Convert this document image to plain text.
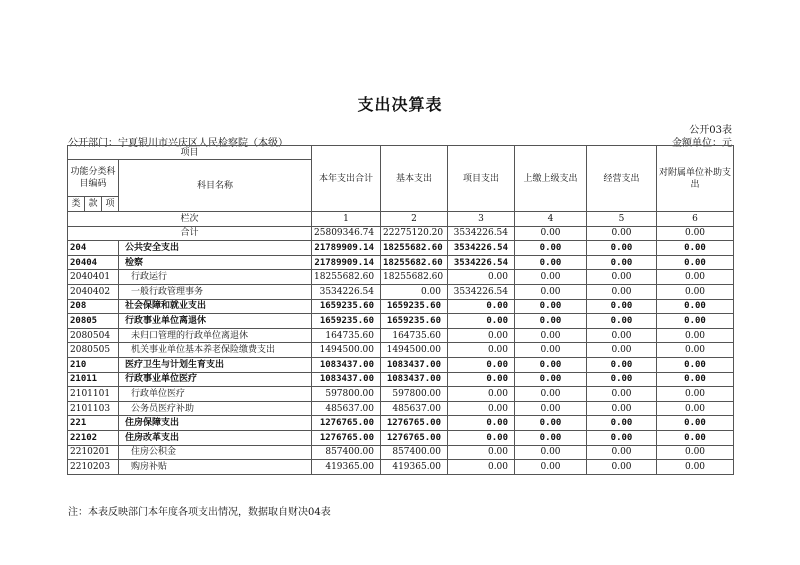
支出决算表
公开03表
公开部门：宁夏银川市兴庆区人民检察院（本级）	金额单位：元
项目				本年支出合计	基本支出	项目支出	上缴上级支出	经营支出	对附属单位补助支出
功能分类科目编码			科目名称						
类	款	项							
栏次				1	2	3	4	5	6
合计				25809346.74	22275120.20	3534226.54	0.00	0.00	0.00
204			公共安全支出	21789909.14	18255682.60	3534226.54	0.00	0.00	0.00
20404			检察	21789909.14	18255682.60	3534226.54	0.00	0.00	0.00
2040401			行政运行	18255682.60	18255682.60	0.00	0.00	0.00	0.00
2040402			一般行政管理事务	3534226.54	0.00	3534226.54	0.00	0.00	0.00
208			社会保障和就业支出	1659235.60	1659235.60	0.00	0.00	0.00	0.00
20805			行政事业单位离退休	1659235.60	1659235.60	0.00	0.00	0.00	0.00
2080504			未归口管理的行政单位离退休	164735.60	164735.60	0.00	0.00	0.00	0.00
2080505			机关事业单位基本养老保险缴费支出	1494500.00	1494500.00	0.00	0.00	0.00	0.00
210			医疗卫生与计划生育支出	1083437.00	1083437.00	0.00	0.00	0.00	0.00
21011			行政事业单位医疗	1083437.00	1083437.00	0.00	0.00	0.00	0.00
2101101			行政单位医疗	597800.00	597800.00	0.00	0.00	0.00	0.00
2101103			公务员医疗补助	485637.00	485637.00	0.00	0.00	0.00	0.00
221			住房保障支出	1276765.00	1276765.00	0.00	0.00	0.00	0.00
22102			住房改革支出	1276765.00	1276765.00	0.00	0.00	0.00	0.00
2210201			住房公积金	857400.00	857400.00	0.00	0.00	0.00	0.00
2210203			购房补贴	419365.00	419365.00	0.00	0.00	0.00	0.00
注：本表反映部门本年度各项支出情况，数据取自财决04表
